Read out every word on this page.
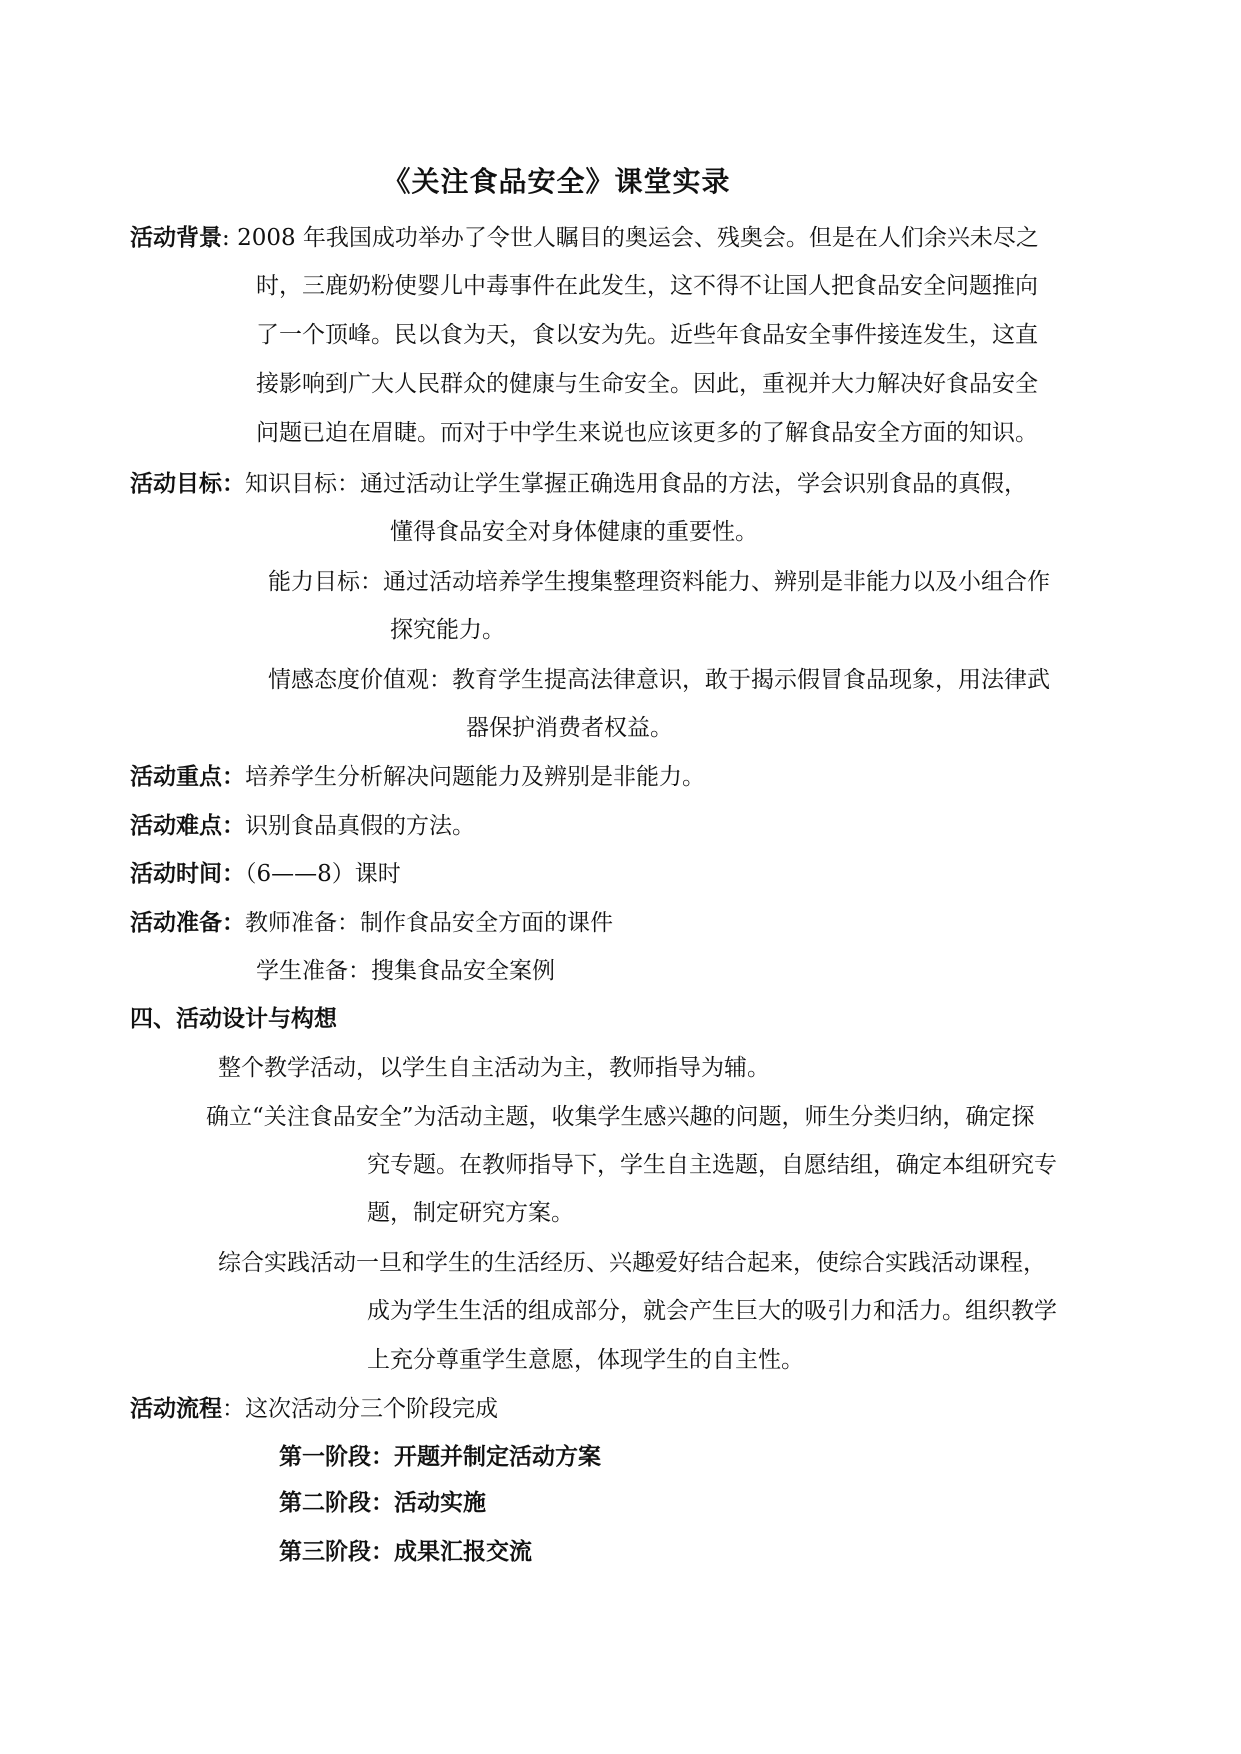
《关注食品安全》课堂实录
活动背景: 2008 年我国成功举办了令世人瞩目的奥运会、残奥会。但是在人们余兴未尽之
时，三鹿奶粉使婴儿中毒事件在此发生，这不得不让国人把食品安全问题推向
了一个顶峰。民以食为天，食以安为先。近些年食品安全事件接连发生，这直
接影响到广大人民群众的健康与生命安全。因此，重视并大力解决好食品安全
问题已迫在眉睫。而对于中学生来说也应该更多的了解食品安全方面的知识。
活动目标：知识目标：通过活动让学生掌握正确选用食品的方法，学会识别食品的真假，
懂得食品安全对身体健康的重要性。
能力目标：通过活动培养学生搜集整理资料能力、辨别是非能力以及小组合作
探究能力。
情感态度价值观：教育学生提高法律意识，敢于揭示假冒食品现象，用法律武
器保护消费者权益。
活动重点：培养学生分析解决问题能力及辨别是非能力。
活动难点：识别食品真假的方法。
活动时间：（6——8）课时
活动准备：教师准备：制作食品安全方面的课件
学生准备：搜集食品安全案例
四、活动设计与构想
整个教学活动，以学生自主活动为主，教师指导为辅。
确立“关注食品安全”为活动主题，收集学生感兴趣的问题，师生分类归纳，确定探
究专题。在教师指导下，学生自主选题，自愿结组，确定本组研究专
题，制定研究方案。
综合实践活动一旦和学生的生活经历、兴趣爱好结合起来，使综合实践活动课程，
成为学生生活的组成部分，就会产生巨大的吸引力和活力。组织教学
上充分尊重学生意愿，体现学生的自主性。
活动流程：这次活动分三个阶段完成
第一阶段：开题并制定活动方案
第二阶段：活动实施
第三阶段：成果汇报交流
